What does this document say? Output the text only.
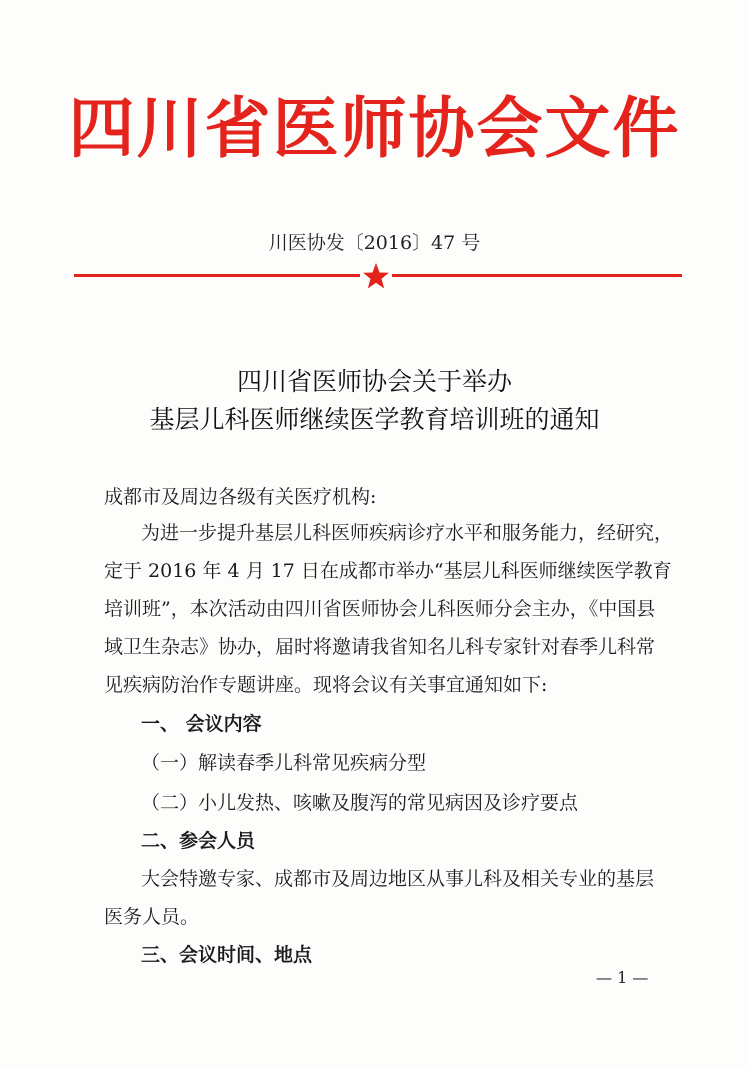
四川省医师协会文件
川医协发〔2016〕47 号
四川省医师协会关于举办
基层儿科医师继续医学教育培训班的通知
成都市及周边各级有关医疗机构:
为进一步提升基层儿科医师疾病诊疗水平和服务能力，经研究，
定于 2016 年 4 月 17 日在成都市举办“基层儿科医师继续医学教育
培训班”，本次活动由四川省医师协会儿科医师分会主办，《中国县
域卫生杂志》协办，届时将邀请我省知名儿科专家针对春季儿科常
见疾病防治作专题讲座。现将会议有关事宜通知如下:
一、 会议内容
（一）解读春季儿科常见疾病分型
（二）小儿发热、咳嗽及腹泻的常见病因及诊疗要点
二、参会人员
大会特邀专家、成都市及周边地区从事儿科及相关专业的基层
医务人员。
三、会议时间、地点
— 1 —
